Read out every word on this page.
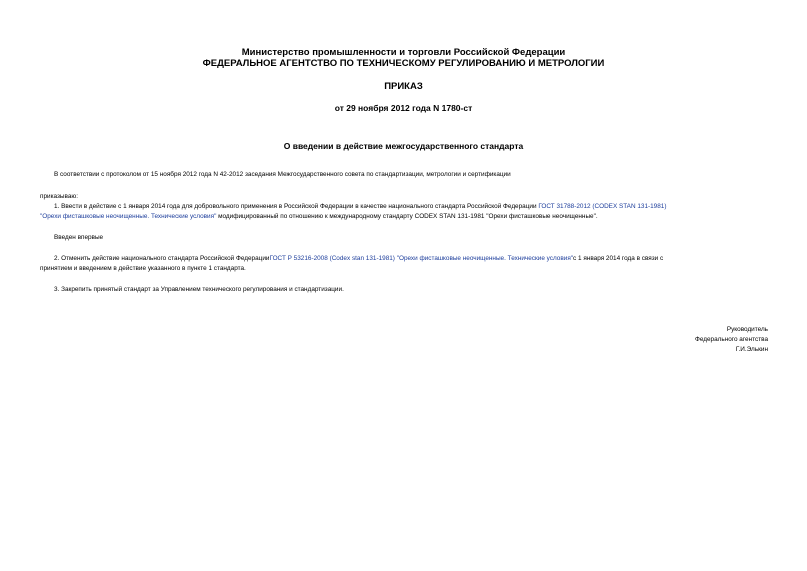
Министерство промышленности и торговли Российской Федерации
ФЕДЕРАЛЬНОЕ АГЕНТСТВО ПО ТЕХНИЧЕСКОМУ РЕГУЛИРОВАНИЮ И МЕТРОЛОГИИ
ПРИКАЗ
от 29 ноября 2012 года N 1780-ст
О введении в действие межгосударственного стандарта
В соответствии с протоколом от 15 ноября 2012 года N 42-2012 заседания Межгосударственного совета по стандартизации, метрологии и сертификации
приказываю:
1. Ввести в действие с 1 января 2014 года для добровольного применения в Российской Федерации в качестве национального стандарта Российской Федерации ГОСТ 31788-2012 (CODEX STAN 131-1981)
"Орехи фисташковые неочищенные. Технические условия" модифицированный по отношению к международному стандарту CODEX STAN 131-1981 "Орехи фисташковые неочищенные".
Введен впервые
2. Отменить действие национального стандарта Российской ФедерацииГОСТ Р 53216-2008 (Codex stan 131-1981) "Орехи фисташковые неочищенные. Технические условия"с 1 января 2014 года в связи с
принятием и введением в действие указанного в пункте 1 стандарта.
3. Закрепить принятый стандарт за Управлением технического регулирования и стандартизации.
Руководитель
Федерального агентства
Г.И.Элькин
